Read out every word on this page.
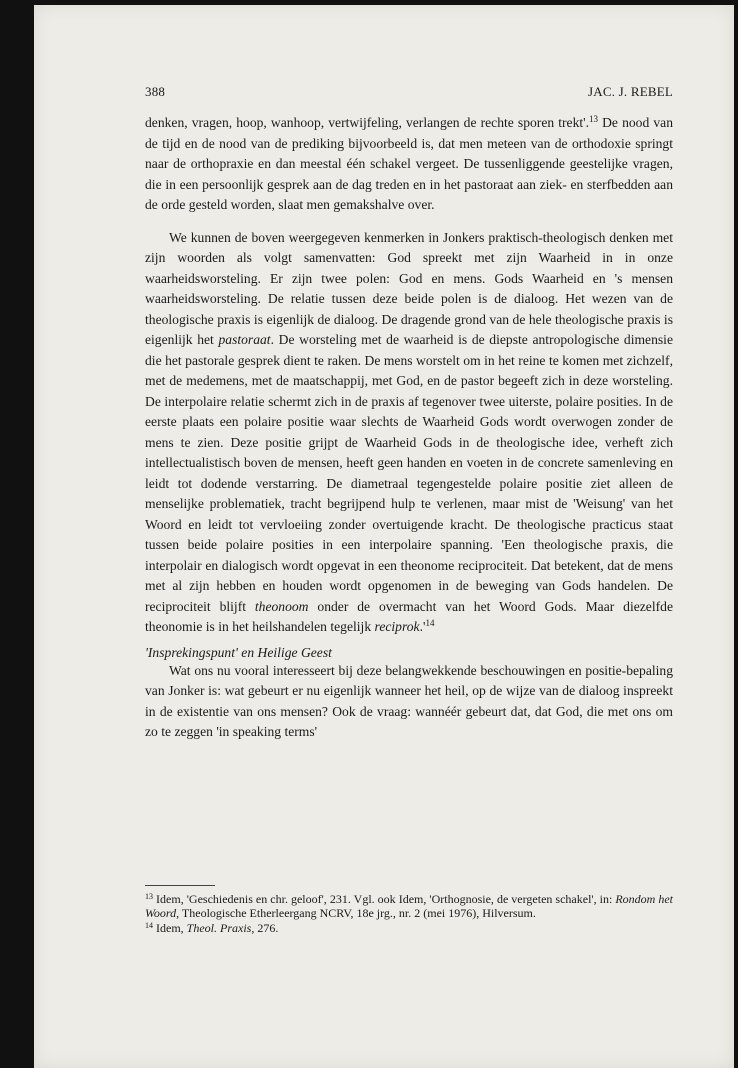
388	JAC. J. REBEL

denken, vragen, hoop, wanhoop, vertwijfeling, verlangen de rechte sporen trekt'.$^{13}$ De nood van de tijd en de nood van de prediking bijvoorbeeld is, dat men meteen van de orthodoxie springt naar de orthopraxie en dan meestal één schakel vergeet. De tussenliggende geestelijke vragen, die in een persoonlijk gesprek aan de dag treden en in het pastoraat aan ziek- en sterfbedden aan de orde gesteld worden, slaat men gemakshalve over.

We kunnen de boven weergegeven kenmerken in Jonkers praktisch-theologisch denken met zijn woorden als volgt samenvatten: God spreekt met zijn Waarheid in in onze waarheidsworsteling. Er zijn twee polen: God en mens. Gods Waarheid en 's mensen waarheidsworsteling. De relatie tussen deze beide polen is de dialoog. Het wezen van de theologische praxis is eigenlijk de dialoog. De dragende grond van de hele theologische praxis is eigenlijk het pastoraat. De worsteling met de waarheid is de diepste antropologische dimensie die het pastorale gesprek dient te raken. De mens worstelt om in het reine te komen met zichzelf, met de medemens, met de maatschappij, met God, en de pastor begeeft zich in deze worsteling. De interpolaire relatie schermt zich in de praxis af tegenover twee uiterste, polaire posities. In de eerste plaats een polaire positie waar slechts de Waarheid Gods wordt overwogen zonder de mens te zien. Deze positie grijpt de Waarheid Gods in de theologische idee, verheft zich intellectualistisch boven de mensen, heeft geen handen en voeten in de concrete samenleving en leidt tot dodende verstarring. De diametraal tegengestelde polaire positie ziet alleen de menselijke problematiek, tracht begrijpend hulp te verlenen, maar mist de 'Weisung' van het Woord en leidt tot vervloeiing zonder overtuigende kracht. De theologische practicus staat tussen beide polaire posities in een interpolaire spanning. 'Een theologische praxis, die interpolair en dialogisch wordt opgevat in een theonome reciprociteit. Dat betekent, dat de mens met al zijn hebben en houden wordt opgenomen in de beweging van Gods handelen. De reciprociteit blijft theonoom onder de overmacht van het Woord Gods. Maar diezelfde theonomie is in het heilshandelen tegelijk $reciprok.'^{14}$

'Insprekingspunt' en Heilige Geest

Wat ons nu vooral interesseert bij deze belangwekkende beschouwingen en positie-bepaling van Jonker is: wat gebeurt er nu eigenlijk wanneer het heil, op de wijze van de dialoog inspreekt in de existentie van ons mensen? Ook de vraag: wannéér gebeurt dat, dat God, die met ons om zo te zeggen 'in speaking terms'

$^{13}$ Idem, 'Geschiedenis en chr. geloof', 231. Vgl. ook Idem, 'Orthognosie, de vergeten schakel', in: Rondom het Woord, Theologische Etherleergang NCRV, 18e jrg., nr. 2 (mei 1976), Hilversum.

$^{14}$ Idem, Theol. Praxis, 276.
